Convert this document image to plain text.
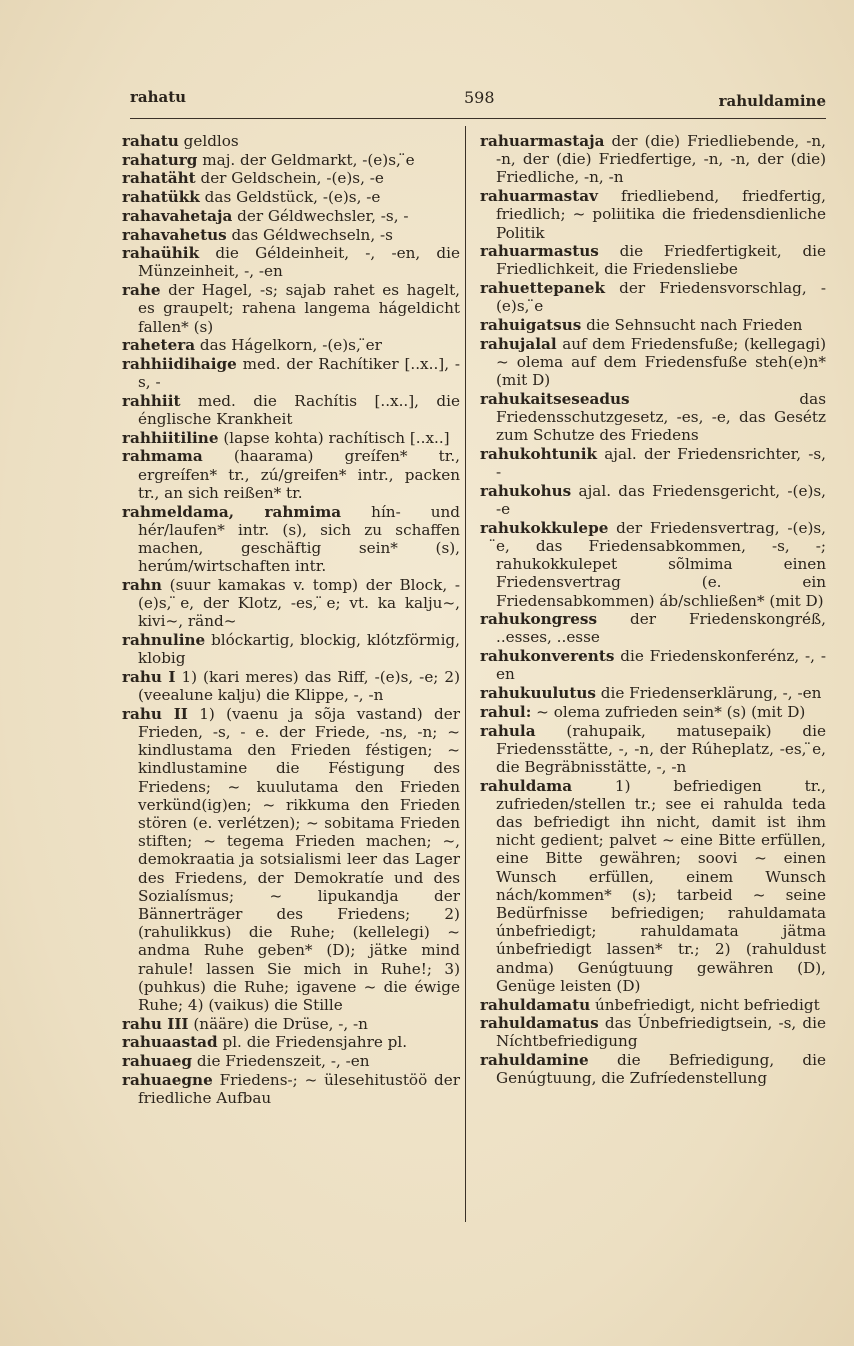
rahatu	598	rahuldamine
rahatu geldlos
rahaturg maj. der Geldmarkt, -(e)s, ̈e
rahatäht der Geldschein, -(e)s, -e
rahatükk das Geldstück, -(e)s, -e
rahavahetaja der Géldwechsler, -s, -
rahavahetus das Géldwechseln, -s
rahaühik die Géldeinheit, -, -en, die Münzeinheit, -, -en
rahe der Hagel, -s; sajab rahet es hagelt, es graupelt; rahena langema hágeldicht fallen* (s)
rahetera das Hágelkorn, -(e)s, ̈er
rahhiidihaige med. der Rachítiker [..x..], -s, -
rahhiit med. die Rachítis [..x..], die énglische Krankheit
rahhiitiline (lapse kohta) rachítisch [..x..]
rahmama (haarama) greífen* tr., ergreífen* tr., zú/greifen* intr., packen tr., an sich reißen* tr.
rahmeldama, rahmima hín- und hér/laufen* intr. (s), sich zu schaffen machen, geschäftig sein* (s), herúm/wirtschaften intr.
rahn (suur kamakas v. tomp) der Block, -(e)s, ̈e, der Klotz, -es, ̈e; vt. ka kalju~, kivi~, ränd~
rahnuline blóckartig, blockig, klótzförmig, klobig
rahu I 1) (kari meres) das Riff, -(e)s, -e; 2) (veealune kalju) die Klippe, -, -n
rahu II 1) (vaenu ja sõja vastand) der Frieden, -s, - e. der Friede, -ns, -n; ~ kindlustama den Frieden féstigen; ~ kindlustamine die Féstigung des Friedens; ~ kuulutama den Frieden verkünd(ig)en; ~ rikkuma den Frieden stören (e. verlétzen); ~ sobitama Frieden stiften; ~ tegema Frieden machen; ~, demokraatia ja sotsialismi leer das Lager des Friedens, der Demokratíe und des Sozialísmus; ~ lipukandja der Bännerträger des Friedens; 2) (rahulikkus) die Ruhe; (kellelegi) ~ andma Ruhe geben* (D); jätke mind rahule! lassen Sie mich in Ruhe!; 3) (puhkus) die Ruhe; igavene ~ die éwige Ruhe; 4) (vaikus) die Stille
rahu III (nääre) die Drüse, -, -n
rahuaastad pl. die Friedensjahre pl.
rahuaeg die Friedenszeit, -, -en
rahuaegne Friedens-; ~ ülesehitustöö der friedliche Aufbau
rahuarmastaja der (die) Friedliebende, -n, -n, der (die) Friedfertige, -n, -n, der (die) Friedliche, -n, -n
rahuarmastav friedliebend, friedfertig, friedlich; ~ poliitika die friedensdienliche Politik
rahuarmastus die Friedfertigkeit, die Friedlichkeit, die Friedensliebe
rahuettepanek der Friedensvorschlag, -(e)s, ̈e
rahuigatsus die Sehnsucht nach Frieden
rahujalal auf dem Friedensfuße; (kellegagi) ~ olema auf dem Friedensfuße steh(e)n* (mit D)
rahukaitseseadus	das Friedensschutzgesetz, -es, -e, das Gesétz zum Schutze des Friedens
rahukohtunik ajal. der Friedensrichter, -s, -
rahukohus ajal. das Friedensgericht, -(e)s, -e
rahukokkulepe der Friedensvertrag, -(e)s, ̈e, das Friedensabkommen, -s, -; rahukokkulepet sõlmima einen Friedensvertrag (e. ein Friedensabkommen) áb/schließen* (mit D)
rahukongress der Friedenskongréß, ..esses, ..esse
rahukonverents die Friedenskonferénz, -, -en
rahukuulutus die Friedenserklärung, -, -en
rahul: ~ olema zufrieden sein* (s) (mit D)
rahula (rahupaik, matusepaik) die Friedensstätte, -, -n, der Rúheplatz, -es, ̈e, die Begräbnisstätte, -, -n
rahuldama	1) befriedigen tr., zufrieden/stellen tr.; see ei rahulda teda das befriedigt ihn nicht, damit ist ihm nicht gedient; palvet ~ eine Bitte erfüllen, eine Bitte gewähren; soovi ~ einen Wunsch erfüllen, einem Wunsch nách/kommen* (s); tarbeid ~ seine Bedürfnisse befriedigen; rahuldamata únbefriedigt; rahuldamata jätma únbefriedigt lassen* tr.; 2) (rahuldust andma) Genúgtuung gewähren (D), Genüge leisten (D)
rahuldamatu únbefriedigt, nicht befriedigt
rahuldamatus das Únbefriedigtsein, -s, die Níchtbefriedigung
rahuldamine die Befriedigung, die Genúgtuung, die Zufríedenstellung
